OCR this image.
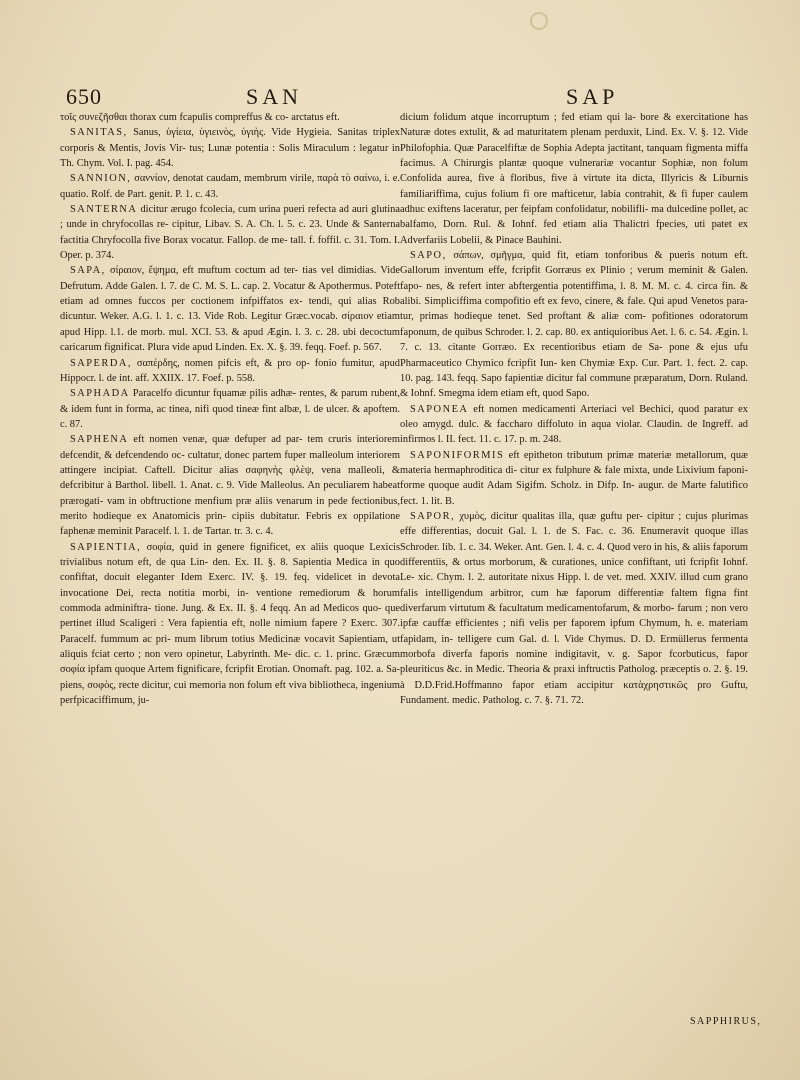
650	SAN	SAP

τοῖς συνεζῆσθαι thorax cum fcapulis compreffus & co- arctatus eft.

SANITAS, Sanus, ὑγίεια, ὑγιεινὸς, ὑγιὴς. Vide Hygieia. Sanitas triplex corporis & Mentis, Jovis Vir- tus; Lunæ potentia : Solis Miraculum : legatur in Th. Chym. Vol. I. pag. 454.

SANNION, σαννίον, denotat caudam, membrum virile, παρὰ τὸ σαίνω, i. e. quatio. Rolf. de Part. genit. P. 1. c. 43.

SANTERNA dicitur ærugo fcolecia, cum urina pueri refecta ad auri glutina ; unde in chryfocollas re- cipitur, Libav. S. A. Ch. l. 5. c. 23. Unde & Santerna factitia Chryfocolla five Borax vocatur. Fallop. de me- tall. f. foffil. c. 31. Tom. I. Oper. p. 374.

SAPA, σίραιον, ἕψημα, eft muftum coctum ad ter- tias vel dimidias. Vide Defrutum. Adde Galen. l. 7. de C. M. S. L. cap. 2. Vocatur & Apothermus. Poteft etiam ad omnes fuccos per coctionem infpiffatos ex- tendi, qui alias Rob dicuntur. Weker. A.G. l. 1. c. 13. Vide Rob. Legitur Græc.vocab. σίραιον etiam apud Hipp. l.1. de morb. mul. XCI. 53. & apud Ægin. l. 3. c. 28. ubi decoctum caricarum fignificat. Plura vide apud Linden. Ex. X. §. 39. feqq. Foef. p. 567.

SAPERDA, σαπέρδης, nomen pifcis eft, & pro op- fonio fumitur, apud Hippocr. l. de int. aff. XXIIX. 17. Foef. p. 558.

SAPHADA Paracelfo dicuntur fquamæ pilis adhæ- rentes, & parum rubent, & idem funt in forma, ac tinea, nifi quod tineæ fint albæ, l. de ulcer. & apoftem. c. 87.

SAPHENA eft nomen venæ, quæ defuper ad par- tem cruris interiorem defcendit, & defcendendo oc- cultatur, donec partem fuper malleolum interiorem attingere incipiat. Caftell. Dicitur alias σαφηνὴς φλὲψ, vena malleoli, & defcribitur à Barthol. libell. 1. Anat. c. 9. Vide Malleolus. An peculiarem habeat prærogati- vam in obftructione menfium præ aliis venarum in pede fectionibus, merito hodieque ex Anatomicis prin- cipiis dubitatur. Febris ex oppilatione faphenæ meminit Paracelf. l. 1. de Tartar. tr. 3. c. 4.

SAPIENTIA, σοφία, quid in genere fignificet, ex aliis quoque Lexicis trivialibus notum eft, de qua Lin- den. Ex. II. §. 8. Sapientia Medica in quo confiftat, docuit eleganter Idem Exerc. IV. §. 19. feq. videlicet in devota invocatione Dei, recta notitia morbi, in- ventione remediorum & horum commoda adminiftra- tione. Jung. & Ex. II. §. 4 feqq. An ad Medicos quo- que pertinet illud Scaligeri : Vera fapientia eft, nolle nimium fapere ? Exerc. 307. Paracelf. fummum ac pri- mum librum totius Medicinæ vocavit Sapientiam, ut aliquis fciat certo ; non vero opinetur, Labyrinth. Me- dic. c. 1. princ. Græcum σοφία ipfam quoque Artem fignificare, fcripfit Erotian. Onomaft. pag. 102. a. Sa- piens, σοφὸς, recte dicitur, cui memoria non folum eft viva bibliotheca, ingenium perfpicaciffimum, ju-

dicium folidum atque incorruptum ; fed etiam qui la- bore & exercitatione has Naturæ dotes extulit, & ad maturitatem plenam perduxit, Lind. Ex. V. §. 12. Vide Philofophia. Quæ Paracelfiftæ de Sophia Adepta jactitant, tanquam figmenta miffa facimus. A Chirurgis plantæ quoque vulnerariæ vocantur Sophiæ, non folum Confolida aurea, five à floribus, five à virtute ita dicta, Illyricis & Liburnis familiariffima, cujus folium fi ore mafticetur, labia contrahit, & fi fuper caulem adhuc exiftens laceratur, per feipfam confolidatur, nobilifli- ma dulcedine pollet, ac balfamo, Dorn. Rul. & Iohnf. fed etiam alia Thalictri fpecies, uti patet ex Adverfariis Lobelii, & Pinace Bauhini.

SAPO, σάπων, σμῆγμα, quid fit, etiam tonforibus & pueris notum eft. Gallorum inventum effe, fcripfit Gorræus ex Plinio ; verum meminit & Galen. fapo- nes, & refert inter abftergentia potentiffima, l. 8. M. M. c. 4. circa fin. & alibi. Simpliciffima compofitio eft ex fevo, cinere, & fale. Qui apud Venetos para- tur, primas hodieque tenet. Sed proftant & aliæ com- pofitiones odoratorum faponum, de quibus Schroder. l. 2. cap. 80. ex antiquioribus Aet. l. 6. c. 54. Ægin. l. 7. c. 13. citante Gorræo. Ex recentioribus etiam de Sa- pone & ejus ufu Pharmaceutico Chymico fcripfit Iun- ken Chymiæ Exp. Cur. Part. 1. fect. 2. cap. 10. pag. 143. feqq. Sapo fapientiæ dicitur fal commune præparatum, Dorn. Ruland. & Iohnf. Smegma idem etiam eft, quod Sapo.

SAPONEA eft nomen medicamenti Arteriaci vel Bechici, quod paratur ex oleo amygd. dulc. & faccharo diffoluto in aqua violar. Claudin. de Ingreff. ad infirmos l. II. fect. 11. c. 17. p. m. 248.

SAPONIFORMIS eft epitheton tributum primæ materiæ metallorum, quæ materia hermaphroditica di- citur ex fulphure & fale mixta, unde Lixivium faponi- forme quoque audit Adam Sigifm. Scholz. in Difp. In- augur. de Marte falutifico fect. 1. lit. B.

SAPOR, χυμὸς, dicitur qualitas illa, quæ guftu per- cipitur ; cujus plurimas effe differentias, docuit Gal. l. 1. de S. Fac. c. 36. Enumeravit quoque illas Schroder. lib. 1. c. 34. Weker. Ant. Gen. l. 4. c. 4. Quod vero in his, & aliis faporum differentiis, & ortus morborum, & curationes, unice confiftant, uti fcripfit Iohnf. Le- xic. Chym. l. 2. autoritate nixus Hipp. l. de vet. med. XXIV. illud cum grano falis intelligendum arbitror, cum hæ faporum differentiæ faltem figna fint diverfarum virtutum & facultatum medicamentofarum, & morbo- farum ; non vero ipfæ cauffæ efficientes ; nifi velis per faporem ipfum Chymum, h. e. materiam fapidam, in- telligere cum Gal. d. l. Vide Chymus. D. D. Ermüllerus fermenta morbofa diverfa faporis nomine indigitavit, v. g. Sapor fcorbuticus, fapor pleuriticus &c. in Medic. Theoria & praxi inftructis Patholog. præceptis o. 2. §. 19. à D.D.Frid.Hoffmanno fapor etiam accipitur κατὰχρηστικῶς pro Guftu, Fundament. medic. Patholog. c. 7. §. 71. 72.

SAPPHIRUS,
